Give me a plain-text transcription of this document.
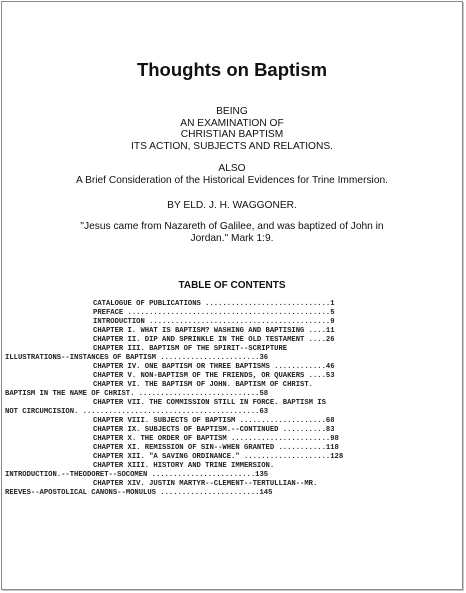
Thoughts on Baptism
BEING
AN EXAMINATION OF
CHRISTIAN BAPTISM
ITS ACTION, SUBJECTS AND RELATIONS.
ALSO
A Brief Consideration of the Historical Evidences for Trine Immersion.
BY ELD. J. H. WAGGONER.
"Jesus came from Nazareth of Galilee, and was baptized of John in
Jordan." Mark 1:9.
TABLE OF CONTENTS
CATALOGUE OF PUBLICATIONS .............................1
PREFACE ...............................................5
INTRODUCTION ..........................................9
CHAPTER I. WHAT IS BAPTISM? WASHING AND BAPTISING ....11
CHAPTER II. DIP AND SPRINKLE IN THE OLD TESTAMENT ....26
CHAPTER III. BAPTISM OF THE SPIRIT--SCRIPTURE
ILLUSTRATIONS--INSTANCES OF BAPTISM .......................36
CHAPTER IV. ONE BAPTISM OR THREE BAPTISMS ............46
CHAPTER V. NON-BAPTISM OF THE FRIENDS, OR QUAKERS ....53
CHAPTER VI. THE BAPTISM OF JOHN. BAPTISM OF CHRIST.
BAPTISM IN THE NAME OF CHRIST. ............................58
CHAPTER VII. THE COMMISSION STILL IN FORCE. BAPTISM IS
NOT CIRCUMCISION. .........................................63
CHAPTER VIII. SUBJECTS OF BAPTISM ....................68
CHAPTER IX. SUBJECTS OF BAPTISM.--CONTINUED ..........83
CHAPTER X. THE ORDER OF BAPTISM .......................98
CHAPTER XI. REMISSION OF SIN--WHEN GRANTED ...........118
CHAPTER XII. "A SAVING ORDINANCE." ....................128
CHAPTER XIII. HISTORY AND TRINE IMMERSION.
INTRODUCTION.--THEODORET--SOCOMEN ........................135
CHAPTER XIV. JUSTIN MARTYR--CLEMENT--TERTULLIAN--MR.
REEVES--APOSTOLICAL CANONS--MONULUS .......................145
